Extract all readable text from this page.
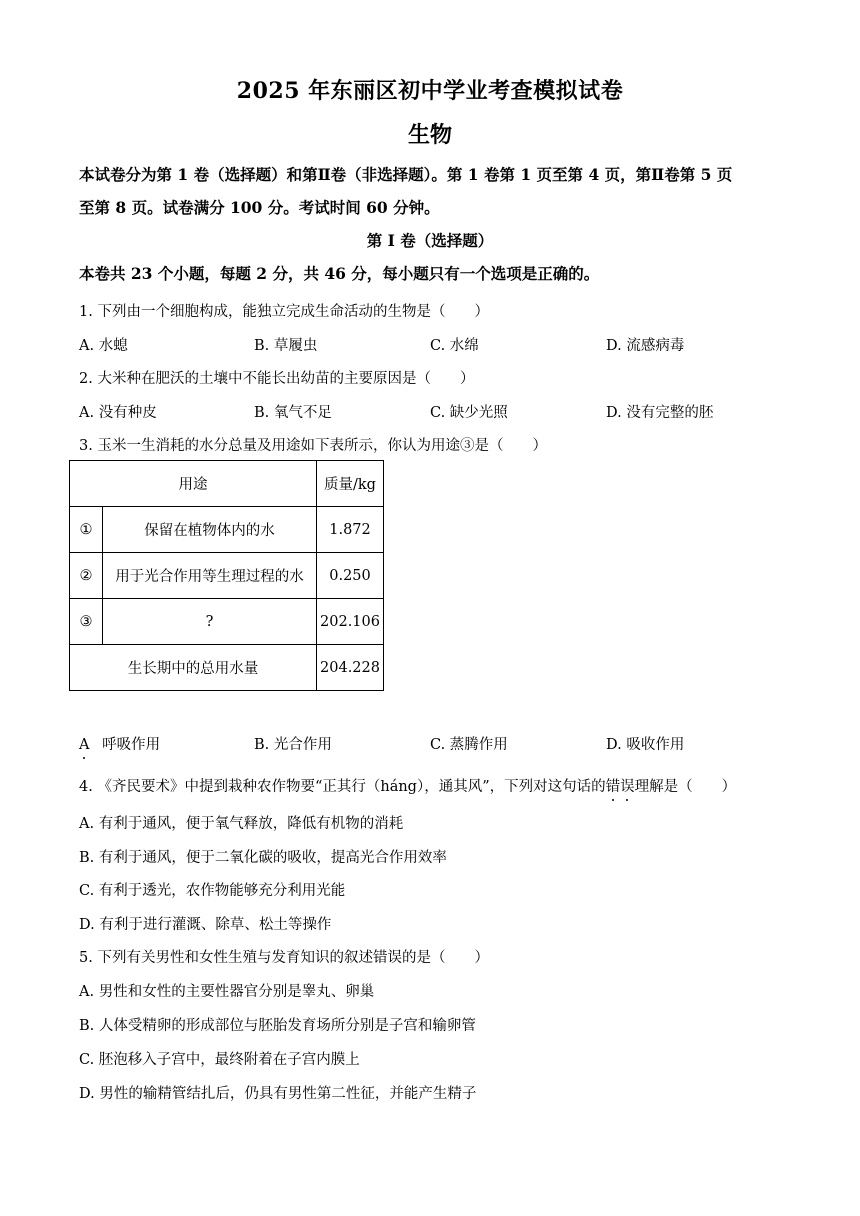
2025 年东丽区初中学业考查模拟试卷
生物
本试卷分为第 1 卷（选择题）和第Ⅱ卷（非选择题）。第 1 卷第 1 页至第 4 页，第Ⅱ卷第 5 页
至第 8 页。试卷满分 100 分。考试时间 60 分钟。
第 I 卷（选择题）
本卷共 23 个小题，每题 2 分，共 46 分，每小题只有一个选项是正确的。
1. 下列由一个细胞构成，能独立完成生命活动的生物是（　　）
A. 水螅	B. 草履虫	C. 水绵	D. 流感病毒
2. 大米种在肥沃的土壤中不能长出幼苗的主要原因是（　　）
A. 没有种皮	B. 氧气不足	C. 缺少光照	D. 没有完整的胚
3. 玉米一生消耗的水分总量及用途如下表所示，你认为用途③是（　　）
用途		质量/kg
①	保留在植物体内的水	1.872
②	用于光合作用等生理过程的水	0.250
③	?	202.106
生长期中的总用水量		204.228
A 呼吸作用	B. 光合作用	C. 蒸腾作用	D. 吸收作用
4. 《齐民要术》中提到栽种农作物要“正其行（háng），通其风”，下列对这句话的错误理解是（　　）
A. 有利于通风，便于氧气释放，降低有机物的消耗
B. 有利于通风，便于二氧化碳的吸收，提高光合作用效率
C. 有利于透光，农作物能够充分利用光能
D. 有利于进行灌溉、除草、松土等操作
5. 下列有关男性和女性生殖与发育知识的叙述错误的是（　　）
A. 男性和女性的主要性器官分别是睾丸、卵巢
B. 人体受精卵的形成部位与胚胎发育场所分别是子宫和输卵管
C. 胚泡移入子宫中，最终附着在子宫内膜上
D. 男性的输精管结扎后，仍具有男性第二性征，并能产生精子
